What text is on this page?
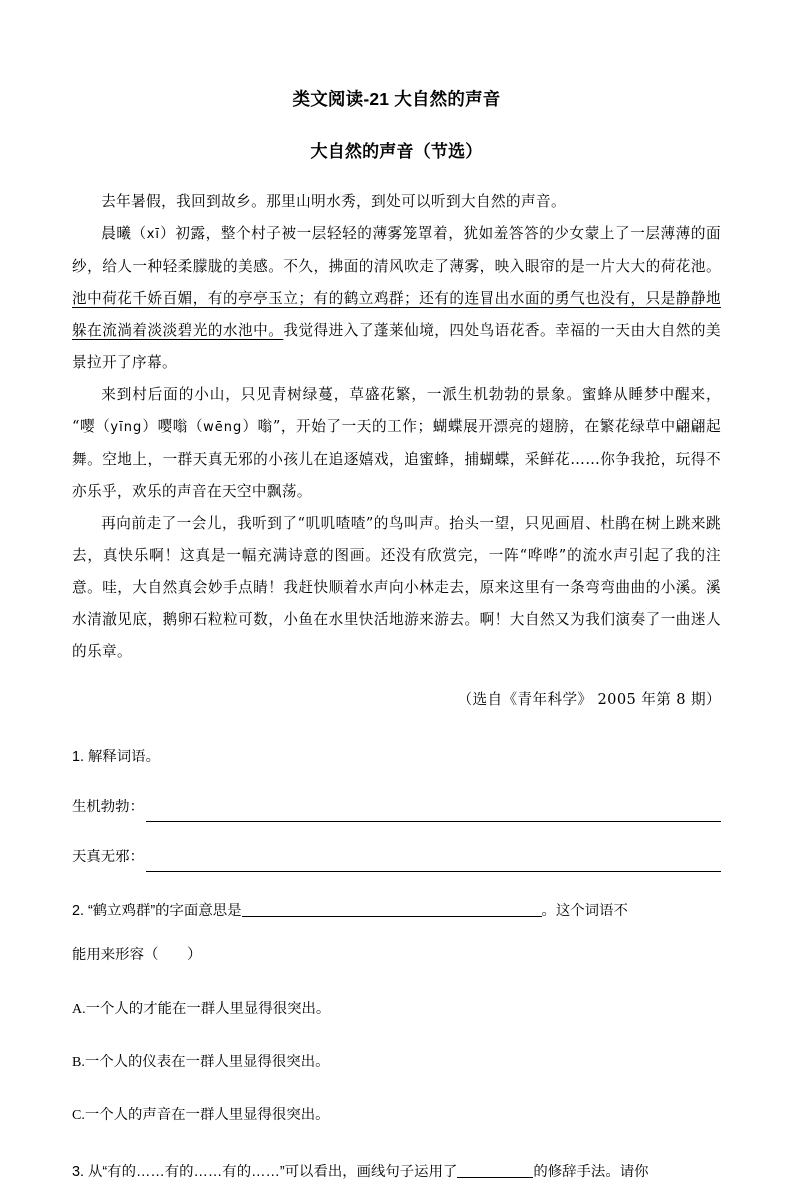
类文阅读-21 大自然的声音
大自然的声音（节选）

去年暑假，我回到故乡。那里山明水秀，到处可以听到大自然的声音。

晨曦（xī）初露，整个村子被一层轻轻的薄雾笼罩着，犹如羞答答的少女蒙上了一层薄薄的面纱，给人一种轻柔朦胧的美感。不久，拂面的清风吹走了薄雾，映入眼帘的是一片大大的荷花池。池中荷花千娇百媚，有的亭亭玉立；有的鹤立鸡群；还有的连冒出水面的勇气也没有，只是静静地躲在流淌着淡淡碧光的水池中。我觉得进入了蓬莱仙境，四处鸟语花香。幸福的一天由大自然的美景拉开了序幕。

来到村后面的小山，只见青树绿蔓，草盛花繁，一派生机勃勃的景象。蜜蜂从睡梦中醒来，“嘤（yīng）嘤嗡（wēng）嗡”，开始了一天的工作；蝴蝶展开漂亮的翅膀，在繁花绿草中翩翩起舞。空地上，一群天真无邪的小孩儿在追逐嬉戏，追蜜蜂，捕蝴蝶，采鲜花……你争我抢，玩得不亦乐乎，欢乐的声音在天空中飘荡。

再向前走了一会儿，我听到了“叽叽喳喳”的鸟叫声。抬头一望，只见画眉、杜鹃在树上跳来跳去，真快乐啊！这真是一幅充满诗意的图画。还没有欣赏完，一阵“哗哗”的流水声引起了我的注意。哇，大自然真会妙手点睛！我赶快顺着水声向小林走去，原来这里有一条弯弯曲曲的小溪。溪水清澈见底，鹅卵石粒粒可数，小鱼在水里快活地游来游去。啊！大自然又为我们演奏了一曲迷人的乐章。

（选自《青年科学》 2005 年第 8 期）

1. 解释词语。

生机勃勃：
天真无邪：

2. “鹤立鸡群”的字面意思是	。这个词语不

能用来形容（　　）

A.一个人的才能在一群人里显得很突出。

B.一个人的仪表在一群人里显得很突出。

C.一个人的声音在一群人里显得很突出。

3. 从“有的……有的……有的……”可以看出，画线句子运用了	的修辞手法。请你
